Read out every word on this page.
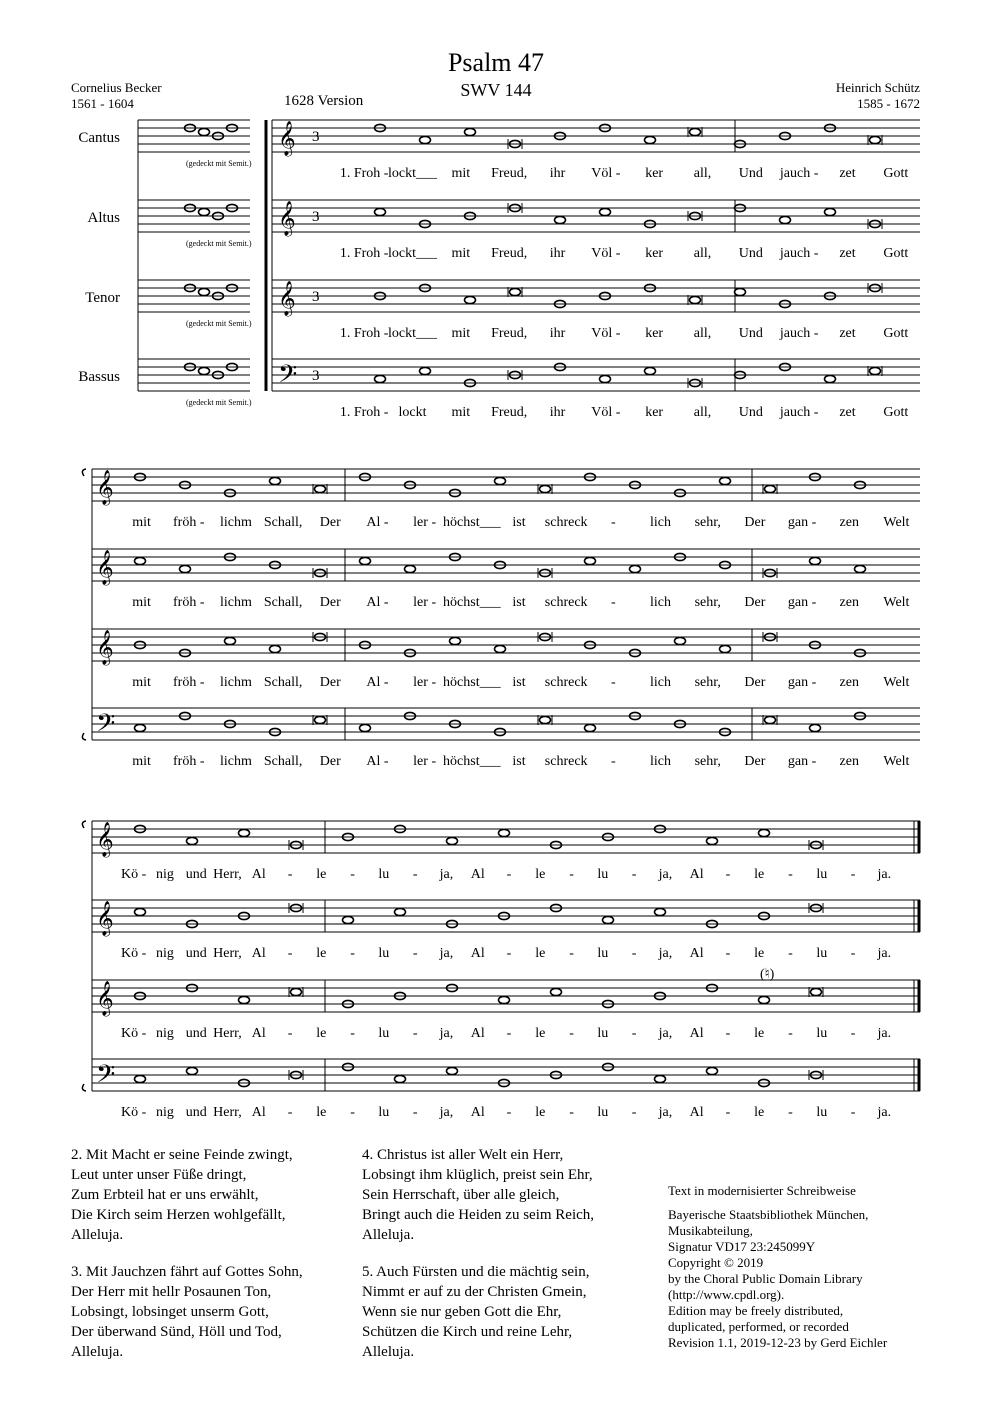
Psalm 47
SWV 144
Cornelius Becker
1561 - 1604
Heinrich Schütz
1585 - 1672
1628 Version
Cantus
(gedeckt mit Semit.)
𝄞 3
1. Froh - lockt___ mit Freud, ihr Völ - ker all, Und jauch - zet Gott
Altus
(gedeckt mit Semit.)
𝄞 3
1. Froh - lockt___ mit Freud, ihr Völ - ker all, Und jauch - zet Gott
Tenor
(gedeckt mit Semit.)
𝄞 3
1. Froh - lockt___ mit Freud, ihr Völ - ker all, Und jauch - zet Gott
Bassus
(gedeckt mit Semit.)
𝄢 3
1. Froh - lockt mit Freud, ihr Völ - ker all, Und jauch - zet Gott
𝄞
mit fröh - lichm Schall, Der Al - ler - höchst___ ist schreck - lich sehr, Der gan - zen Welt
𝄞
mit fröh - lichm Schall, Der Al - ler - höchst___ ist schreck - lich sehr, Der gan - zen Welt
𝄞
mit fröh - lichm Schall, Der Al - ler - höchst___ ist schreck - lich sehr, Der gan - zen Welt
𝄢
mit fröh - lichm Schall, Der Al - ler - höchst___ ist schreck - lich sehr, Der gan - zen Welt
𝄞
Kö - nig und Herr, Al - le - lu - ja, Al - le - lu - ja, Al - le - lu - ja.
𝄞
Kö - nig und Herr, Al - le - lu - ja, Al - le - lu - ja, Al - le - lu - ja.
𝄞
Kö - nig und Herr, Al - le - lu - ja, Al - le - lu - ja, Al - le - lu - ja.
𝄢
Kö - nig und Herr, Al - le - lu - ja, Al - le - lu - ja, Al - le - lu - ja.
(♮)
2. Mit Macht er seine Feinde zwingt,
Leut unter unser Füße dringt,
Zum Erbteil hat er uns erwählt,
Die Kirch seim Herzen wohlgefällt,
Alleluja.
3. Mit Jauchzen fährt auf Gottes Sohn,
Der Herr mit hellr Posaunen Ton,
Lobsingt, lobsinget unserm Gott,
Der überwand Sünd, Höll und Tod,
Alleluja.
4. Christus ist aller Welt ein Herr,
Lobsingt ihm klüglich, preist sein Ehr,
Sein Herrschaft, über alle gleich,
Bringt auch die Heiden zu seim Reich,
Alleluja.
5. Auch Fürsten und die mächtig sein,
Nimmt er auf zu der Christen Gmein,
Wenn sie nur geben Gott die Ehr,
Schützen die Kirch und reine Lehr,
Alleluja.
Text in modernisierter Schreibweise
Bayerische Staatsbibliothek München,
Musikabteilung,
Signatur VD17 23:245099Y
Copyright © 2019
by the Choral Public Domain Library
(http://www.cpdl.org).
Edition may be freely distributed,
duplicated, performed, or recorded
Revision 1.1, 2019-12-23 by Gerd Eichler
